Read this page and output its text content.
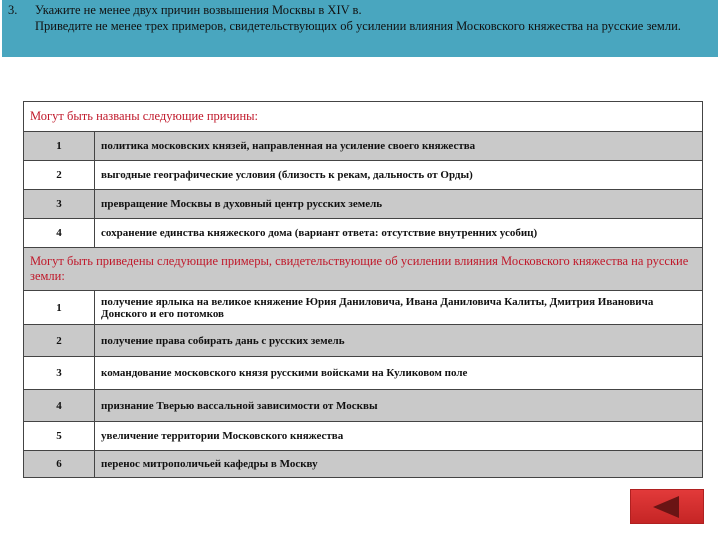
3. Укажите не менее двух причин возвышения Москвы в XIV в.
Приведите не менее трех примеров, свидетельствующих об усилении влияния Московского княжества на русские земли.
Могут быть названы следующие причины:	
1	политика московских князей, направленная на усиление своего княжества
2	выгодные географические условия (близость к рекам, дальность от Орды)
3	превращение Москвы в духовный центр русских земель
4	сохранение единства княжеского дома (вариант ответа: отсутствие внутренних усобиц)
Могут быть приведены следующие примеры, свидетельствующие об усилении влияния Московского княжества на русские земли:	
1	получение ярлыка на великое княжение Юрия Даниловича, Ивана Даниловича Калиты, Дмитрия Ивановича Донского и его потомков
2	получение права собирать дань с русских земель
3	командование московского князя русскими войсками на Куликовом поле
4	признание Тверью вассальной зависимости от Москвы
5	увеличение территории Московского княжества
6	перенос митрополичьей кафедры в Москву
